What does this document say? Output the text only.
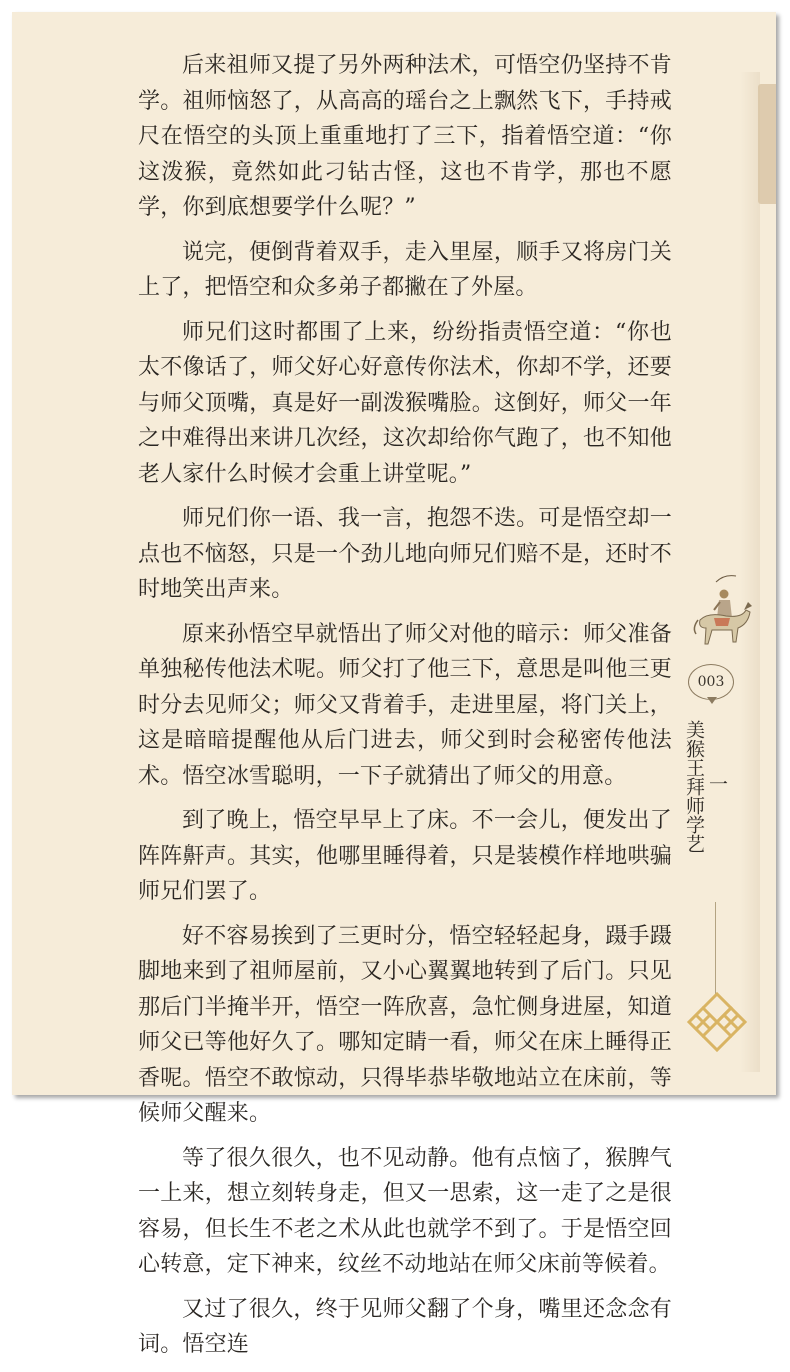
后来祖师又提了另外两种法术，可悟空仍坚持不肯学。祖师恼怒了，从高高的瑶台之上飘然飞下，手持戒尺在悟空的头顶上重重地打了三下，指着悟空道：“你这泼猴，竟然如此刁钻古怪，这也不肯学，那也不愿学，你到底想要学什么呢？”

说完，便倒背着双手，走入里屋，顺手又将房门关上了，把悟空和众多弟子都撇在了外屋。

师兄们这时都围了上来，纷纷指责悟空道：“你也太不像话了，师父好心好意传你法术，你却不学，还要与师父顶嘴，真是好一副泼猴嘴脸。这倒好，师父一年之中难得出来讲几次经，这次却给你气跑了，也不知他老人家什么时候才会重上讲堂呢。”

师兄们你一语、我一言，抱怨不迭。可是悟空却一点也不恼怒，只是一个劲儿地向师兄们赔不是，还时不时地笑出声来。

原来孙悟空早就悟出了师父对他的暗示：师父准备单独秘传他法术呢。师父打了他三下，意思是叫他三更时分去见师父；师父又背着手，走进里屋，将门关上，这是暗暗提醒他从后门进去，师父到时会秘密传他法术。悟空冰雪聪明，一下子就猜出了师父的用意。

到了晚上，悟空早早上了床。不一会儿，便发出了阵阵鼾声。其实，他哪里睡得着，只是装模作样地哄骗师兄们罢了。

好不容易挨到了三更时分，悟空轻轻起身，蹑手蹑脚地来到了祖师屋前，又小心翼翼地转到了后门。只见那后门半掩半开，悟空一阵欣喜，急忙侧身进屋，知道师父已等他好久了。哪知定睛一看，师父在床上睡得正香呢。悟空不敢惊动，只得毕恭毕敬地站立在床前，等候师父醒来。

等了很久很久，也不见动静。他有点恼了，猴脾气一上来，想立刻转身走，但又一思索，这一走了之是很容易，但长生不老之术从此也就学不到了。于是悟空回心转意，定下神来，纹丝不动地站在师父床前等候着。

又过了很久，终于见师父翻了个身，嘴里还念念有词。悟空连

003
一
美猴王拜师学艺
